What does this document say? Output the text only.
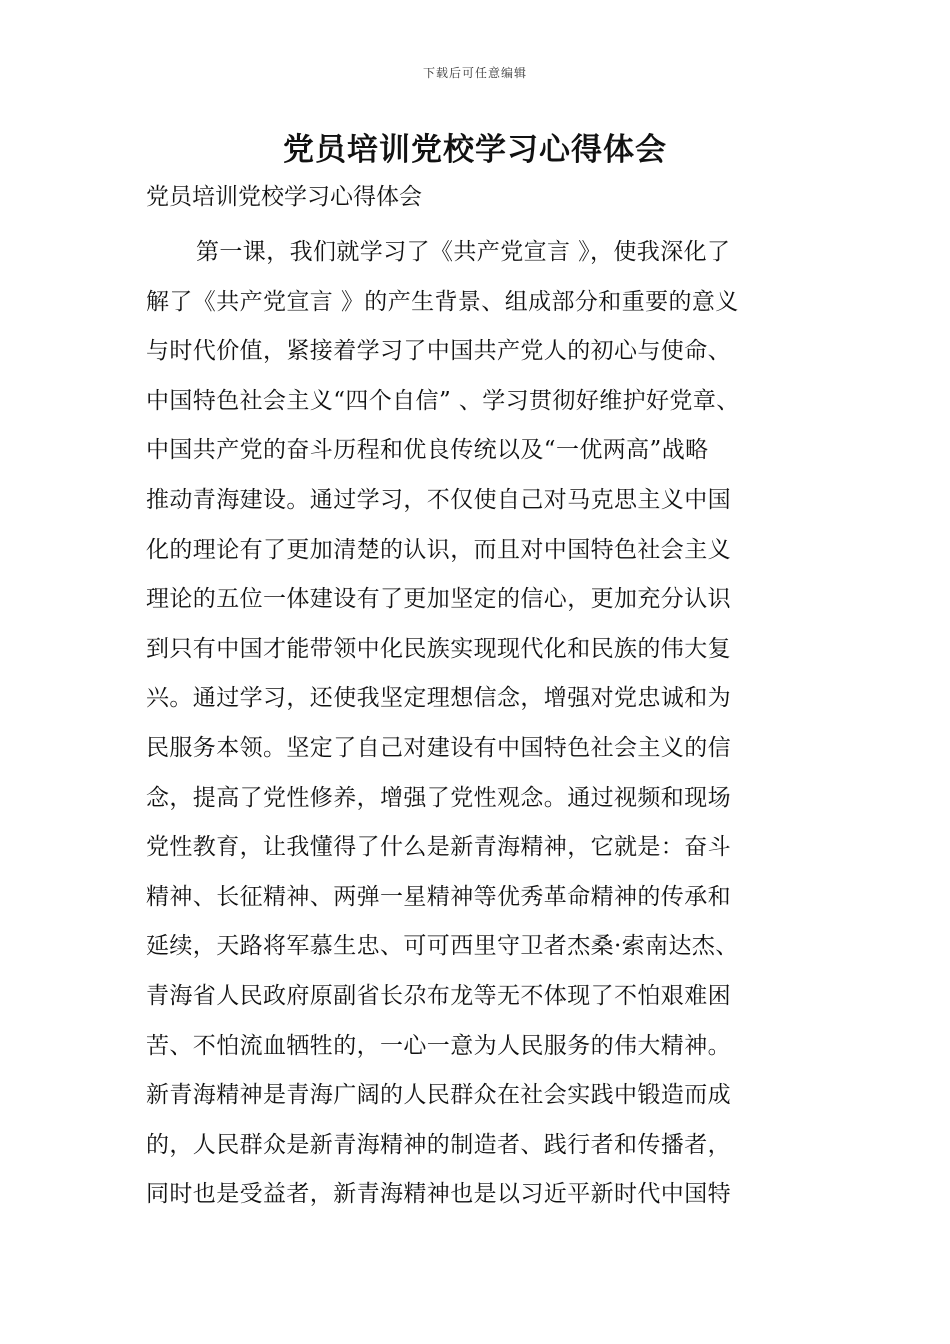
下载后可任意编辑
党员培训党校学习心得体会

党员培训党校学习心得体会

第一课，我们就学习了《共产党宣言 》，使我深化了
解了《共产党宣言 》的产生背景、组成部分和重要的意义
与时代价值，紧接着学习了中国共产党人的初心与使命、
中国特色社会主义“四个自信” 、学习贯彻好维护好党章、
中国共产党的奋斗历程和优良传统以及“一优两高”战略
推动青海建设。通过学习，不仅使自己对马克思主义中国
化的理论有了更加清楚的认识，而且对中国特色社会主义
理论的五位一体建设有了更加坚定的信心，更加充分认识
到只有中国才能带领中化民族实现现代化和民族的伟大复
兴。通过学习，还使我坚定理想信念，增强对党忠诚和为
民服务本领。坚定了自己对建设有中国特色社会主义的信
念，提高了党性修养，增强了党性观念。通过视频和现场
党性教育，让我懂得了什么是新青海精神，它就是：奋斗
精神、长征精神、两弹一星精神等优秀革命精神的传承和
延续，天路将军慕生忠、可可西里守卫者杰桑·索南达杰、
青海省人民政府原副省长尕布龙等无不体现了不怕艰难困
苦、不怕流血牺牲的，一心一意为人民服务的伟大精神。
新青海精神是青海广阔的人民群众在社会实践中锻造而成
的，人民群众是新青海精神的制造者、践行者和传播者，
同时也是受益者，新青海精神也是以习近平新时代中国特
